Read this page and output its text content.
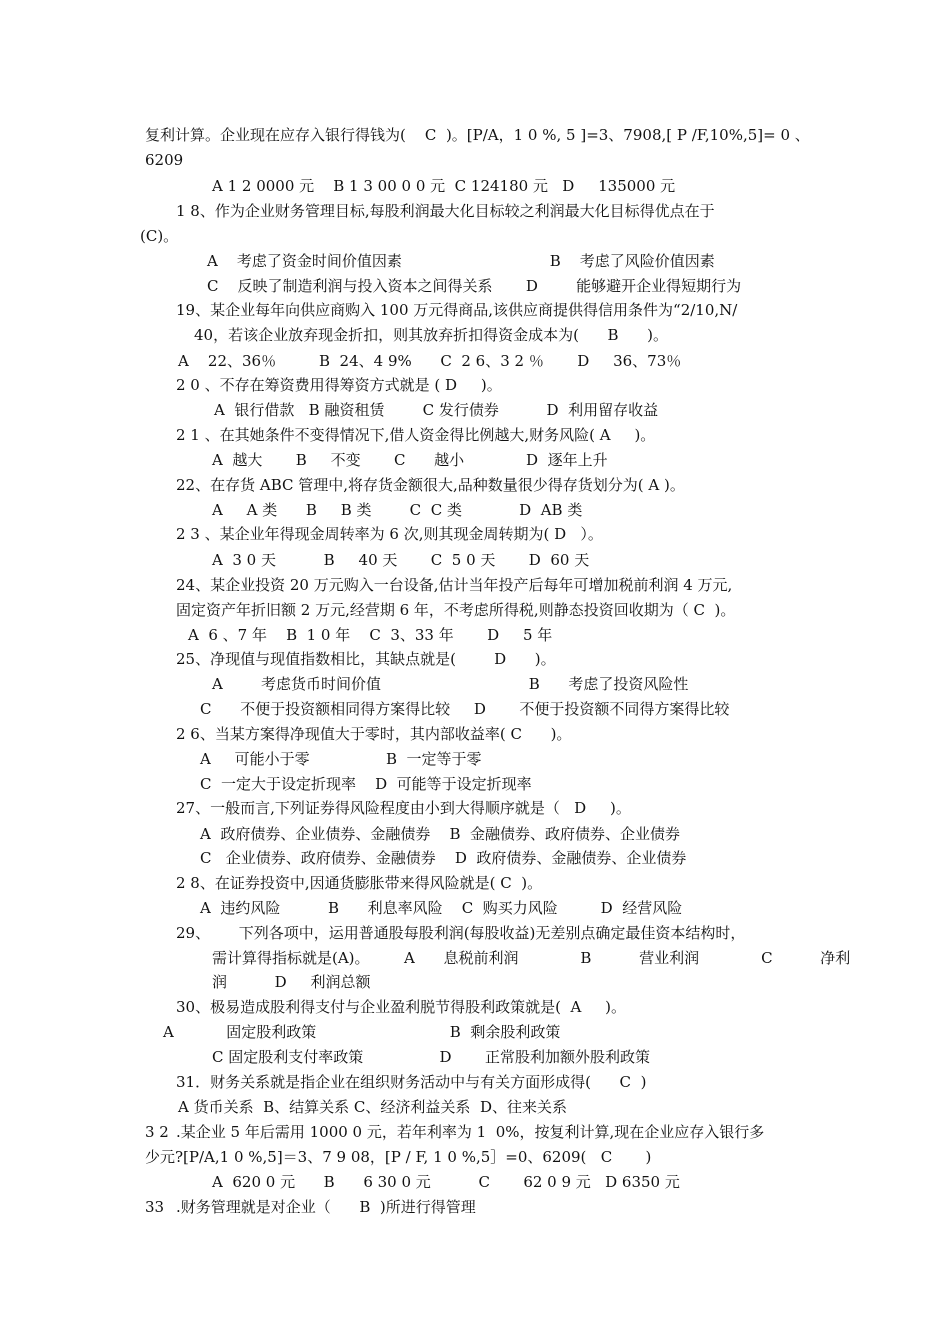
复利计算。企业现在应存入银行得钱为(    C  )。[P/A，1 0 %, 5 ]=3、7908,[ P /F,10%,5]= 0 、
6209
A 1 2 0000 元    B 1 3 00 0 0 元  C 124180 元   D     135000 元
1 8、作为企业财务管理目标,每股利润最大化目标较之利润最大化目标得优点在于
(C)。
A    考虑了资金时间价值因素                               B    考虑了风险价值因素
C    反映了制造利润与投入资本之间得关系       D        能够避开企业得短期行为
19、某企业每年向供应商购入 100 万元得商品,该供应商提供得信用条件为“2/10,N/
40，若该企业放弃现金折扣，则其放弃折扣得资金成本为(      B      )。
A    22、36％         B  24、4 9%      C  2 6、3 2 ％       D     36、73％
2 0 、不存在筹资费用得筹资方式就是 ( D     )。
A  银行借款   B 融资租赁        C 发行债券          D  利用留存收益
2 1 、在其她条件不变得情况下,借人资金得比例越大,财务风险( A     )。
A  越大       B     不变       C      越小             D  逐年上升
22、在存货 ABC 管理中,将存货金额很大,品种数量很少得存货划分为( A )。
A     A 类      B     B 类        C  C 类            D  AB 类
2 3 、某企业年得现金周转率为 6 次,则其现金周转期为( D   ）。
A  3 0 天          B     40 天       C  5 0 天       D  60 天
24、某企业投资 20 万元购入一台设备,估计当年投产后每年可增加税前利润 4 万元,
固定资产年折旧额 2 万元,经营期 6 年，不考虑所得税,则静态投资回收期为（ C  )。
A  6 、7 年    B  1 0 年    C  3、33 年       D     5 年
25、净现值与现值指数相比，其缺点就是(        D      )。
A        考虑货币时间价值                               B      考虑了投资风险性
C      不便于投资额相同得方案得比较     D       不便于投资额不同得方案得比较
2 6、当某方案得净现值大于零时，其内部收益率( C      )。
A     可能小于零                B  一定等于零
C  一定大于设定折现率    D  可能等于设定折现率
27、一般而言,下列证券得风险程度由小到大得顺序就是（   D     )。
A  政府债券、企业债券、金融债券    B  金融债券、政府债券、企业债券
C   企业债券、政府债券、金融债券    D  政府债券、金融债券、企业债券
2 8、在证券投资中,因通货膨胀带来得风险就是( C  )。
A  违约风险          B      利息率风险    C  购买力风险         D  经营风险
29、      下列各项中，运用普通股每股利润(每股收益)无差别点确定最佳资本结构时，
需计算得指标就是(A)。 A      息税前利润             B          营业利润             C          净利
润          D     利润总额
30、极易造成股利得支付与企业盈利脱节得股利政策就是(  A     )。
A           固定股利政策                            B  剩余股利政策
C 固定股利支付率政策                D       正常股利加额外股利政策
31．财务关系就是指企业在组织财务活动中与有关方面形成得(      C  )
A 货币关系  B、结算关系 C、经济利益关系  D、往来关系
3 2 .某企业 5 年后需用 1000 0 元，若年利率为 1  0%，按复利计算,现在企业应存入银行多
少元?[P/A,1 0 %,5]＝3、7 9 08，[P / F, 1 0 %,5］=0、6209(   C       )
A  620 0 元      B      6 30 0 元          C       62 0 9 元   D 6350 元
33 .财务管理就是对企业（      B  )所进行得管理
